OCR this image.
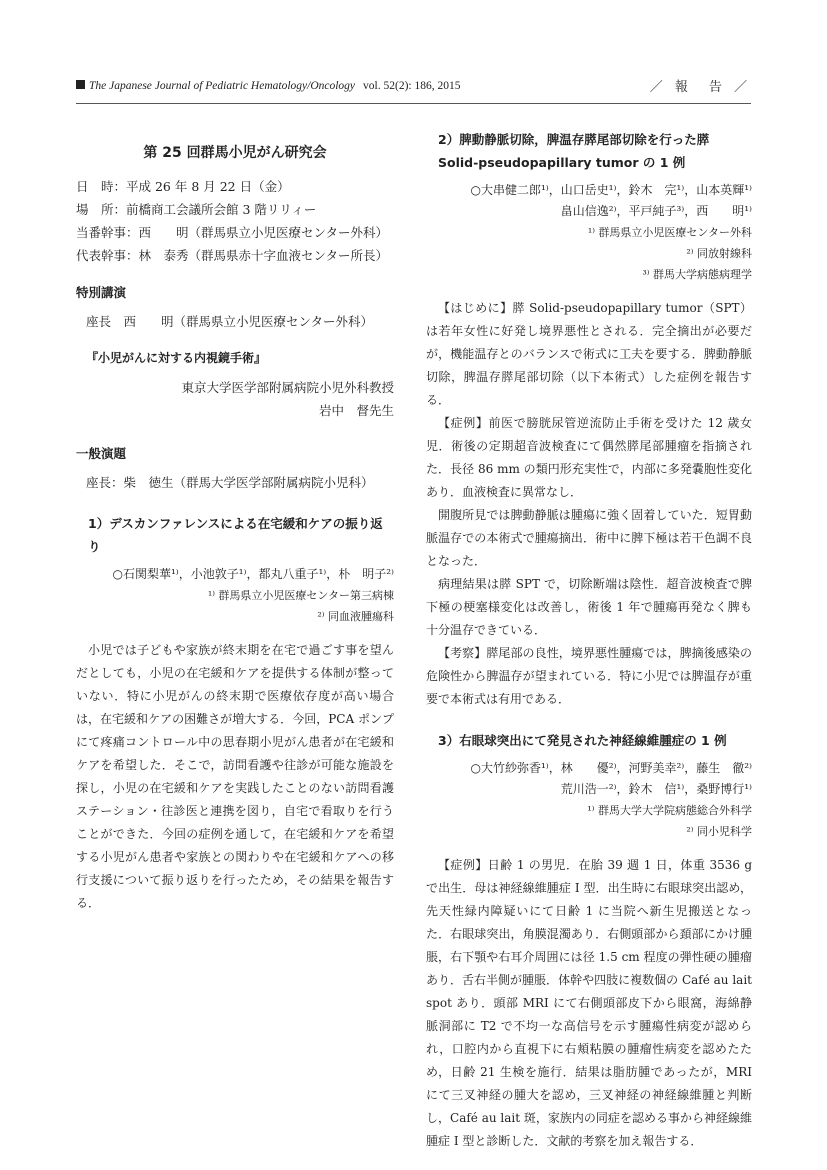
The Japanese Journal of Pediatric Hematology/Oncology vol. 52(2): 186, 2015	／ 報　告 ／
第 25 回群馬小児がん研究会
日　時：平成 26 年 8 月 22 日（金）
場　所：前橋商工会議所会館 3 階リリィー
当番幹事：西　　明（群馬県立小児医療センター外科）
代表幹事：林　泰秀（群馬県赤十字血液センター所長）
特別講演
座長　西　　明（群馬県立小児医療センター外科）
『小児がんに対する内視鏡手術』
東京大学医学部附属病院小児外科教授
岩中　督先生
一般演題
座長：柴　徳生（群馬大学医学部附属病院小児科）
1）デスカンファレンスによる在宅緩和ケアの振り返り
○石関梨華¹⁾，小池敦子¹⁾，都丸八重子¹⁾，朴　明子²⁾
¹⁾ 群馬県立小児医療センター第三病棟
²⁾ 同血液腫瘍科

小児では子どもや家族が終末期を在宅で過ごす事を望んだとしても，小児の在宅緩和ケアを提供する体制が整っていない．特に小児がんの終末期で医療依存度が高い場合は，在宅緩和ケアの困難さが増大する．今回，PCA ポンプにて疼痛コントロール中の思春期小児がん患者が在宅緩和ケアを希望した．そこで，訪問看護や往診が可能な施設を探し，小児の在宅緩和ケアを実践したことのない訪問看護ステーション・往診医と連携を図り，自宅で看取りを行うことができた．今回の症例を通して，在宅緩和ケアを希望する小児がん患者や家族との関わりや在宅緩和ケアへの移行支援について振り返りを行ったため，その結果を報告する．

2）脾動静脈切除，脾温存膵尾部切除を行った膵 Solid-pseudopapillary tumor の 1 例
○大串健二郎¹⁾，山口岳史¹⁾，鈴木　完¹⁾，山本英輝¹⁾
畠山信逸²⁾，平戸純子³⁾，西　　明¹⁾
¹⁾ 群馬県立小児医療センター外科
²⁾ 同放射線科
³⁾ 群馬大学病態病理学

【はじめに】膵 Solid-pseudopapillary tumor（SPT）は若年女性に好発し境界悪性とされる．完全摘出が必要だが，機能温存とのバランスで術式に工夫を要する．脾動静脈切除，脾温存膵尾部切除（以下本術式）した症例を報告する．

【症例】前医で膀胱尿管逆流防止手術を受けた 12 歳女児．術後の定期超音波検査にて偶然膵尾部腫瘤を指摘された．長径 86 mm の類円形充実性で，内部に多発嚢胞性変化あり．血液検査に異常なし．

開腹所見では脾動静脈は腫瘍に強く固着していた．短胃動脈温存での本術式で腫瘍摘出．術中に脾下極は若干色調不良となった．

病理結果は膵 SPT で，切除断端は陰性．超音波検査で脾下極の梗塞様変化は改善し，術後 1 年で腫瘍再発なく脾も十分温存できている．

【考察】膵尾部の良性，境界悪性腫瘍では，脾摘後感染の危険性から脾温存が望まれている．特に小児では脾温存が重要で本術式は有用である．

3）右眼球突出にて発見された神経線維腫症の 1 例
○大竹紗弥香¹⁾，林　　優²⁾，河野美幸²⁾，藤生　徹²⁾
荒川浩一²⁾，鈴木　信¹⁾，桑野博行¹⁾
¹⁾ 群馬大学大学院病態総合外科学
²⁾ 同小児科学

【症例】日齢 1 の男児．在胎 39 週 1 日，体重 3536 g で出生．母は神経線維腫症 I 型．出生時に右眼球突出認め，先天性緑内障疑いにて日齢 1 に当院へ新生児搬送となった．右眼球突出，角膜混濁あり．右側頭部から頚部にかけ腫脹，右下顎や右耳介周囲には径 1.5 cm 程度の弾性硬の腫瘤あり．舌右半側が腫脹．体幹や四肢に複数個の Café au lait spot あり．頭部 MRI にて右側頭部皮下から眼窩，海綿静脈洞部に T2 で不均一な高信号を示す腫瘍性病変が認められ，口腔内から直視下に右頬粘膜の腫瘤性病変を認めたため，日齢 21 生検を施行．結果は脂肪腫であったが，MRI にて三叉神経の腫大を認め，三叉神経の神経線維腫と判断し，Café au lait 斑，家族内の同症を認める事から神経線維腫症 I 型と診断した．文献的考察を加え報告する．
